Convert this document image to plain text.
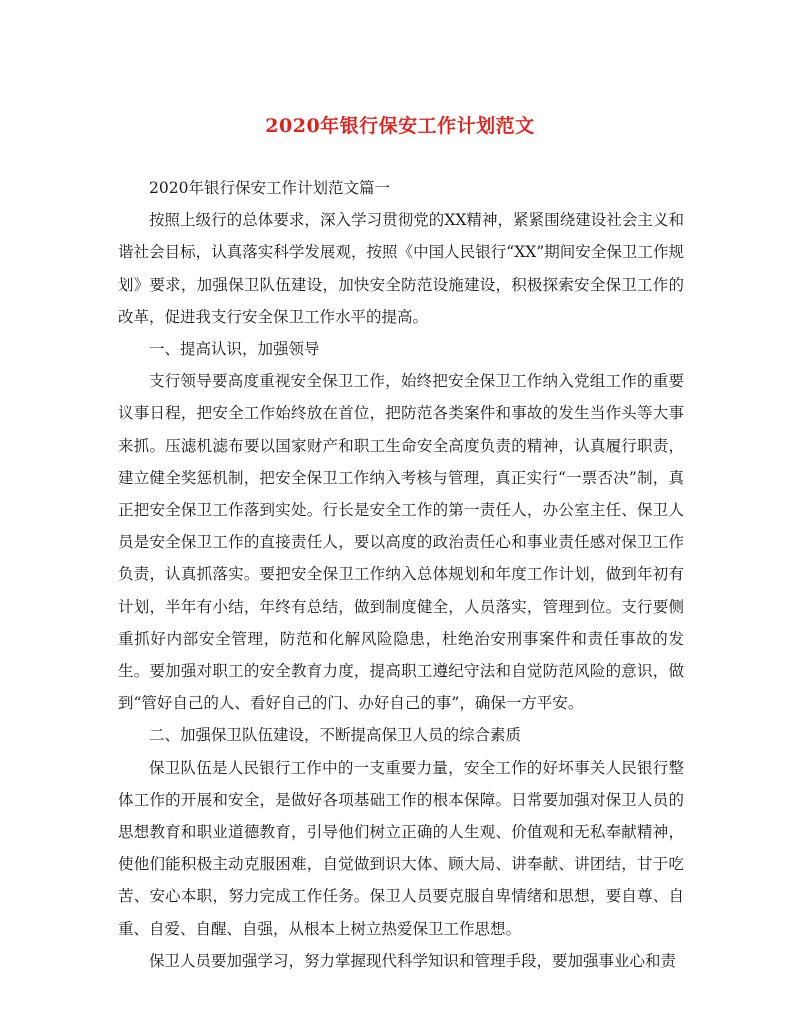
2020年银行保安工作计划范文

2020年银行保安工作计划范文篇一

按照上级行的总体要求，深入学习贯彻党的XX精神，紧紧围绕建设社会主义和谐社会目标，认真落实科学发展观，按照《中国人民银行“XX”期间安全保卫工作规划》要求，加强保卫队伍建设，加快安全防范设施建设，积极探索安全保卫工作的改革，促进我支行安全保卫工作水平的提高。

一、提高认识，加强领导

支行领导要高度重视安全保卫工作，始终把安全保卫工作纳入党组工作的重要议事日程，把安全工作始终放在首位，把防范各类案件和事故的发生当作头等大事来抓。压滤机滤布要以国家财产和职工生命安全高度负责的精神，认真履行职责，建立健全奖惩机制，把安全保卫工作纳入考核与管理，真正实行“一票否决”制，真正把安全保卫工作落到实处。行长是安全工作的第一责任人，办公室主任、保卫人员是安全保卫工作的直接责任人，要以高度的政治责任心和事业责任感对保卫工作负责，认真抓落实。要把安全保卫工作纳入总体规划和年度工作计划，做到年初有计划，半年有小结，年终有总结，做到制度健全，人员落实，管理到位。支行要侧重抓好内部安全管理，防范和化解风险隐患，杜绝治安刑事案件和责任事故的发生。要加强对职工的安全教育力度，提高职工遵纪守法和自觉防范风险的意识，做到“管好自己的人、看好自己的门、办好自己的事”，确保一方平安。

二、加强保卫队伍建设，不断提高保卫人员的综合素质

保卫队伍是人民银行工作中的一支重要力量，安全工作的好坏事关人民银行整体工作的开展和安全，是做好各项基础工作的根本保障。日常要加强对保卫人员的思想教育和职业道德教育，引导他们树立正确的人生观、价值观和无私奉献精神，使他们能积极主动克服困难，自觉做到识大体、顾大局、讲奉献、讲团结，甘于吃苦、安心本职，努力完成工作任务。保卫人员要克服自卑情绪和思想，要自尊、自重、自爱、自醒、自强，从根本上树立热爱保卫工作思想。

保卫人员要加强学习，努力掌握现代科学知识和管理手段，要加强事业心和责
